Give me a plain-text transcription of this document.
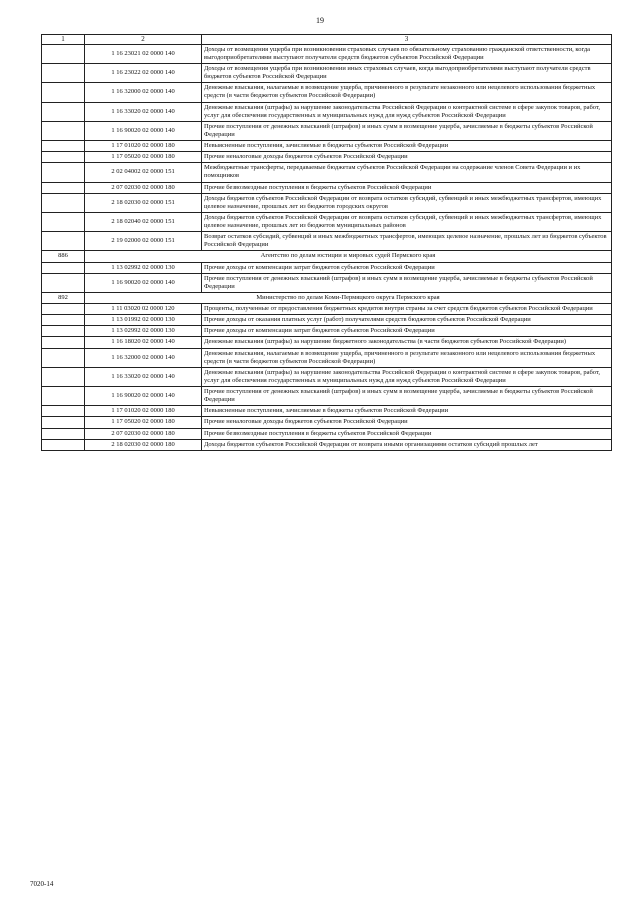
19
1	2	3
	1 16 23021 02 0000 140	Доходы от возмещения ущерба при возникновении страховых случаев по обязательному страхованию гражданской ответственности, когда выгодоприобретателями выступают получатели средств бюджетов субъектов Российской Федерации
	1 16 23022 02 0000 140	Доходы от возмещения ущерба при возникновении иных страховых случаев, когда выгодоприобретателями выступают получатели средств бюджетов субъектов Российской Федерации
	1 16 32000 02 0000 140	Денежные взыскания, налагаемые в возмещение ущерба, причиненного в результате незаконного или нецелевого использования бюджетных средств (в части бюджетов субъектов Российской Федерации)
	1 16 33020 02 0000 140	Денежные взыскания (штрафы) за нарушение законодательства Российской Федерации о контрактной системе в сфере закупок товаров, работ, услуг для обеспечения государственных и муниципальных нужд для нужд субъектов Российской Федерации
	1 16 90020 02 0000 140	Прочие поступления от денежных взысканий (штрафов) и иных сумм в возмещение ущерба, зачисляемые в бюджеты субъектов Российской Федерации
	1 17 01020 02 0000 180	Невыясненные поступления, зачисляемые в бюджеты субъектов Российской Федерации
	1 17 05020 02 0000 180	Прочие неналоговые доходы бюджетов субъектов Российской Федерации
	2 02 04002 02 0000 151	Межбюджетные трансферты, передаваемые бюджетам субъектов Российской Федерации на содержание членов Совета Федерации и их помощников
	2 07 02030 02 0000 180	Прочие безвозмездные поступления в бюджеты субъектов Российской Федерации
	2 18 02030 02 0000 151	Доходы бюджетов субъектов Российской Федерации от возврата остатков субсидий, субвенций и иных межбюджетных трансфертов, имеющих целевое назначение, прошлых лет из бюджетов городских округов
	2 18 02040 02 0000 151	Доходы бюджетов субъектов Российской Федерации от возврата остатков субсидий, субвенций и иных межбюджетных трансфертов, имеющих целевое назначение, прошлых лет из бюджетов муниципальных районов
	2 19 02000 02 0000 151	Возврат остатков субсидий, субвенций и иных межбюджетных трансфертов, имеющих целевое назначение, прошлых лет из бюджетов субъектов Российской Федерации
886	Агентство по делам юстиции и мировых судей Пермского края	
	1 13 02992 02 0000 130	Прочие доходы от компенсации затрат бюджетов субъектов Российской Федерации
	1 16 90020 02 0000 140	Прочие поступления от денежных взысканий (штрафов) и иных сумм в возмещение ущерба, зачисляемые в бюджеты субъектов Российской Федерации
892	Министерство по делам Коми-Пермяцкого округа Пермского края	
	1 11 03020 02 0000 120	Проценты, полученные от предоставления бюджетных кредитов внутри страны за счет средств бюджетов субъектов Российской Федерации
	1 13 01992 02 0000 130	Прочие доходы от оказания платных услуг (работ) получателями средств бюджетов субъектов Российской Федерации
	1 13 02992 02 0000 130	Прочие доходы от компенсации затрат бюджетов субъектов Российской Федерации
	1 16 18020 02 0000 140	Денежные взыскания (штрафы) за нарушение бюджетного законодательства (в части бюджетов субъектов Российской Федерации)
	1 16 32000 02 0000 140	Денежные взыскания, налагаемые в возмещение ущерба, причиненного в результате незаконного или нецелевого использования бюджетных средств (в части бюджетов субъектов Российской Федерации)
	1 16 33020 02 0000 140	Денежные взыскания (штрафы) за нарушение законодательства Российской Федерации о контрактной системе в сфере закупок товаров, работ, услуг для обеспечения государственных и муниципальных нужд для нужд субъектов Российской Федерации
	1 16 90020 02 0000 140	Прочие поступления от денежных взысканий (штрафов) и иных сумм в возмещение ущерба, зачисляемые в бюджеты субъектов Российской Федерации
	1 17 01020 02 0000 180	Невыясненные поступления, зачисляемые в бюджеты субъектов Российской Федерации
	1 17 05020 02 0000 180	Прочие неналоговые доходы бюджетов субъектов Российской Федерации
	2 07 02030 02 0000 180	Прочие безвозмездные поступления в бюджеты субъектов Российской Федерации
	2 18 02030 02 0000 180	Доходы бюджетов субъектов Российской Федерации от возврата иными организациями остатков субсидий прошлых лет
7020-14
